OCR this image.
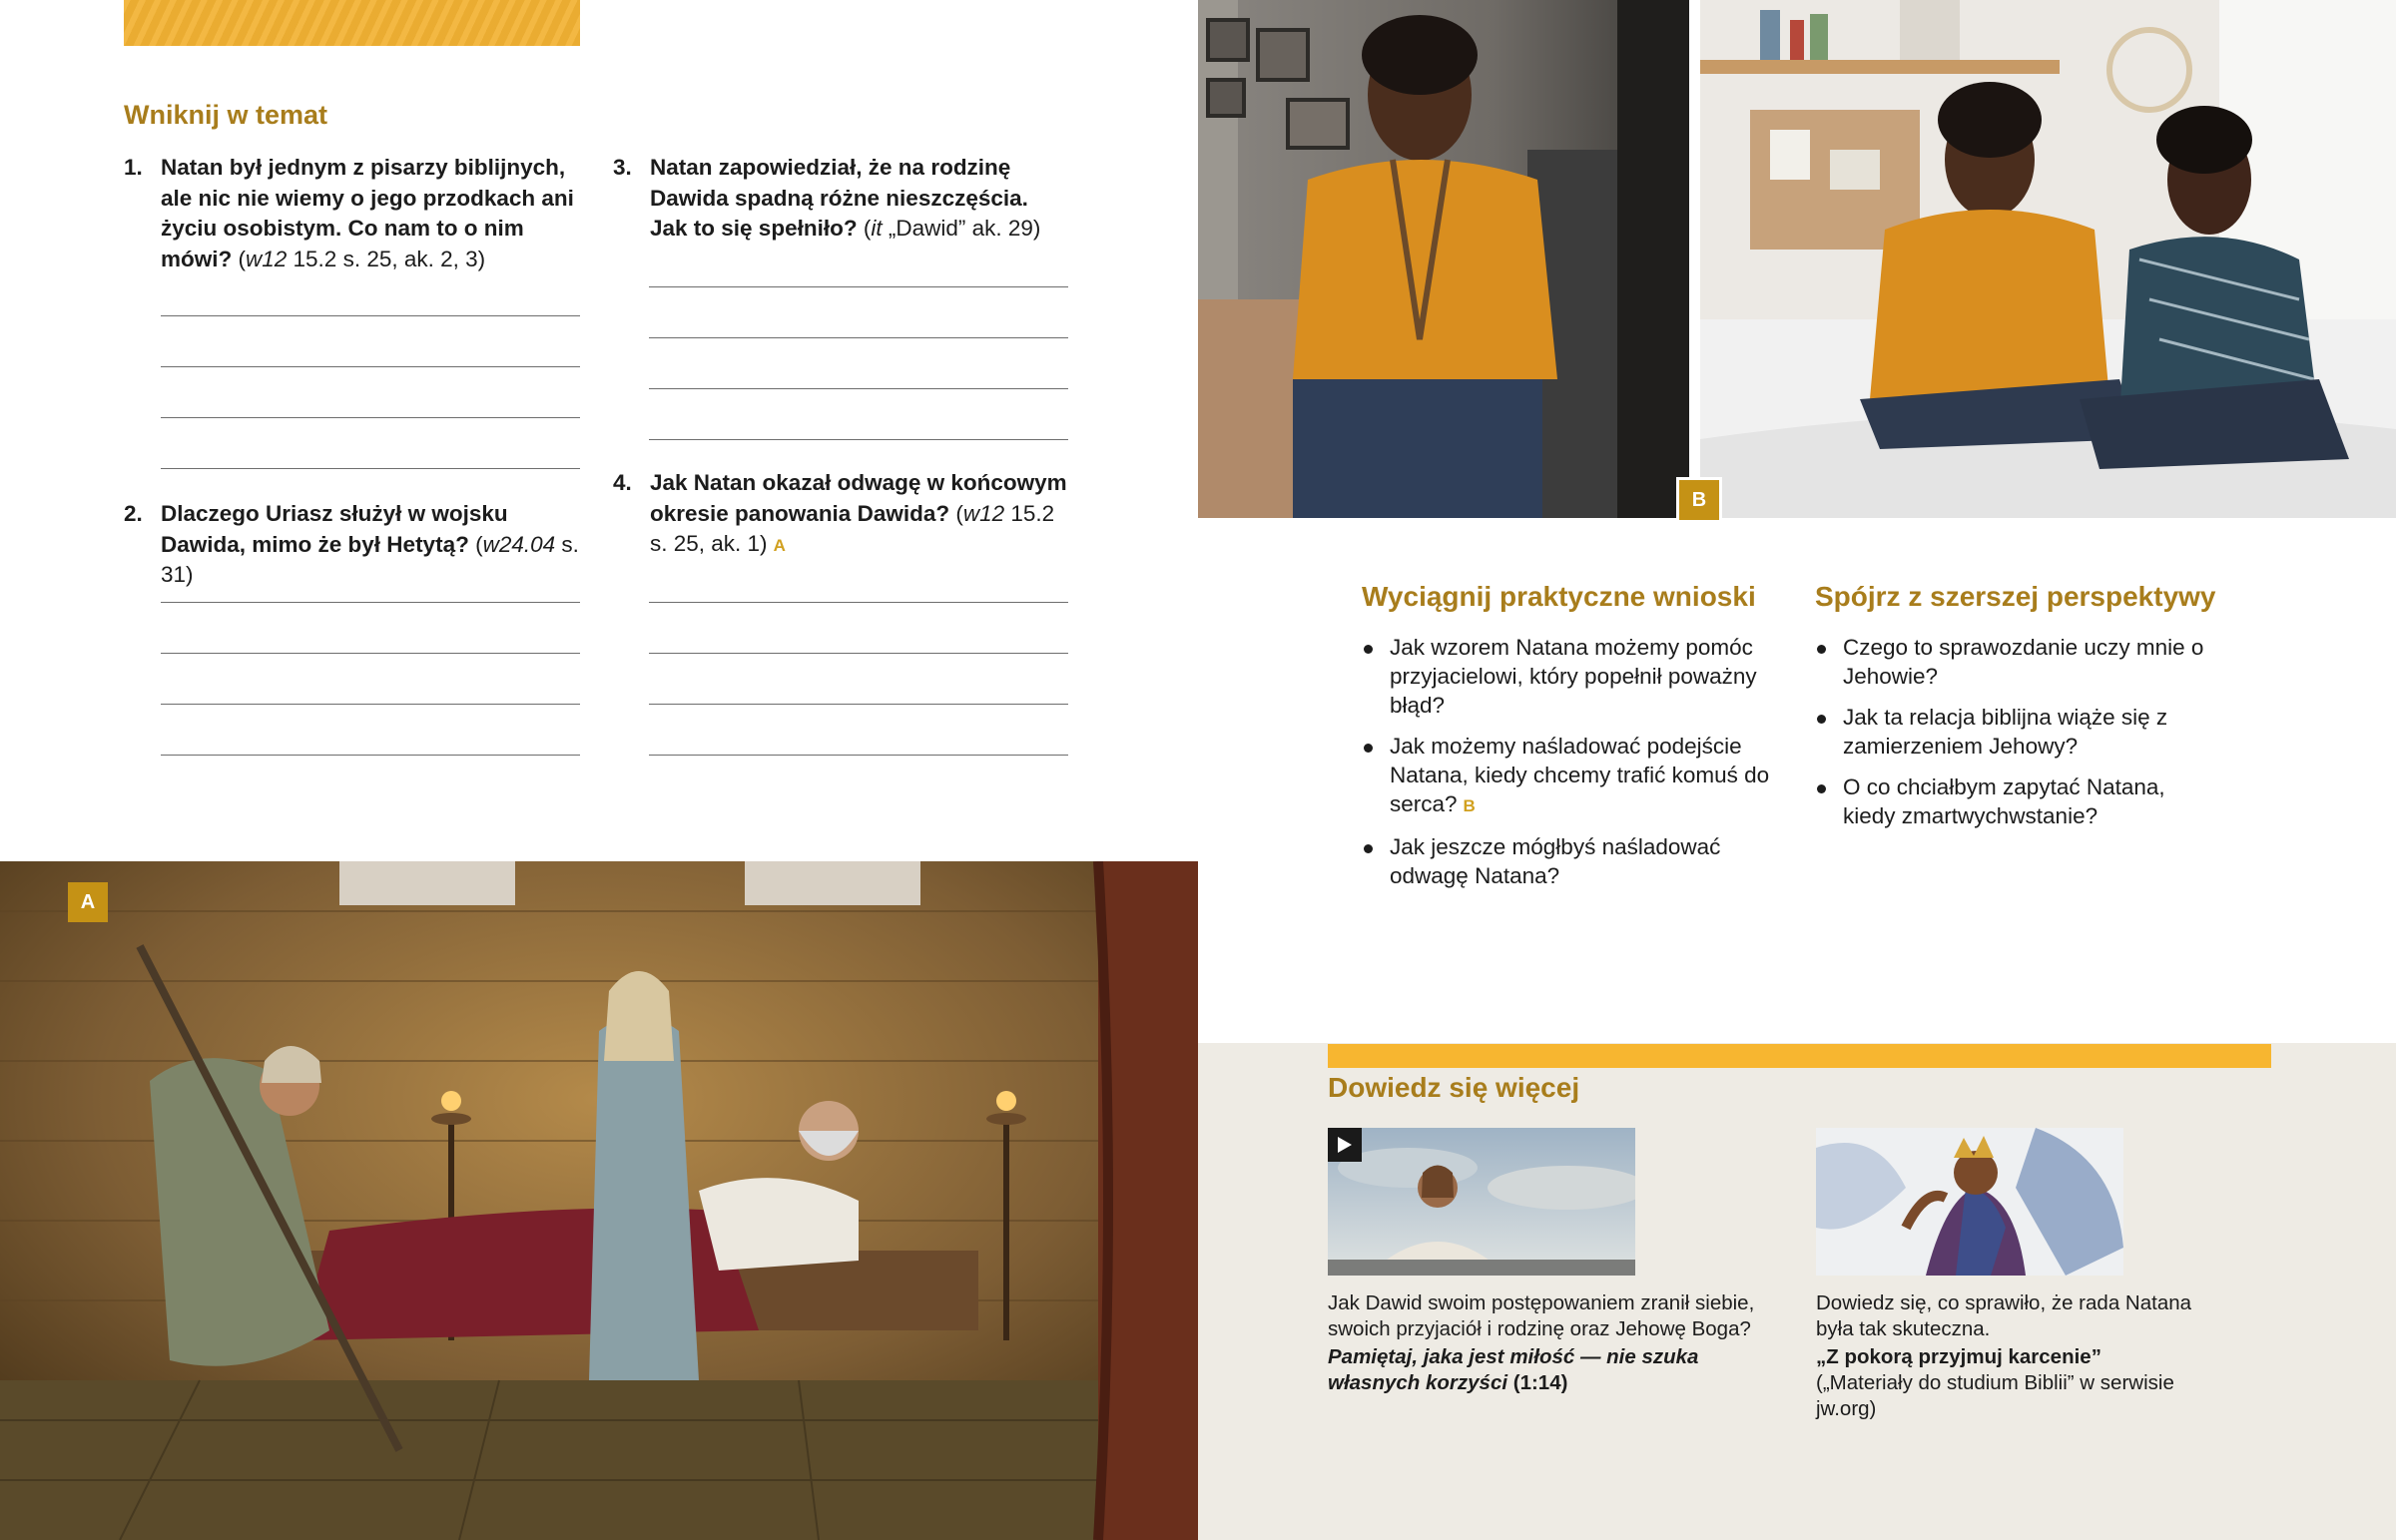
Wniknij w temat
1. Natan był jednym z pisarzy biblijnych, ale nic nie wiemy o jego przodkach ani życiu osobistym. Co nam to o nim mówi? (w12 15.2 s. 25, ak. 2, 3)
2. Dlaczego Uriasz służył w wojsku Dawida, mimo że był Hetytą? (w24.04 s. 31)
3. Natan zapowiedział, że na rodzinę Dawida spadną różne nieszczęścia. Jak to się spełniło? (it „Dawid” ak. 29)
4. Jak Natan okazał odwagę w końcowym okresie panowania Dawida? (w12 15.2 s. 25, ak. 1) A
B
Wyciągnij praktyczne wnioski
Jak wzorem Natana możemy pomóc przyjacielowi, który popełnił poważny błąd?
Jak możemy naśladować podejście Natana, kiedy chcemy trafić komuś do serca? B
Jak jeszcze mógłbyś naśladować odwagę Natana?
Spójrz z szerszej perspektywy
Czego to sprawozdanie uczy mnie o Jehowie?
Jak ta relacja biblijna wiąże się z zamierzeniem Jehowy?
O co chciałbym zapytać Natana, kiedy zmartwychwstanie?
A
Dowiedz się więcej
Jak Dawid swoim postępowaniem zranił siebie, swoich przyjaciół i rodzinę oraz Jehowę Boga?
Pamiętaj, jaka jest miłość — nie szuka własnych korzyści (1:14)
Dowiedz się, co sprawiło, że rada Natana była tak skuteczna.
„Z pokorą przyjmuj karcenie”
(„Materiały do studium Biblii” w serwisie jw.org)
